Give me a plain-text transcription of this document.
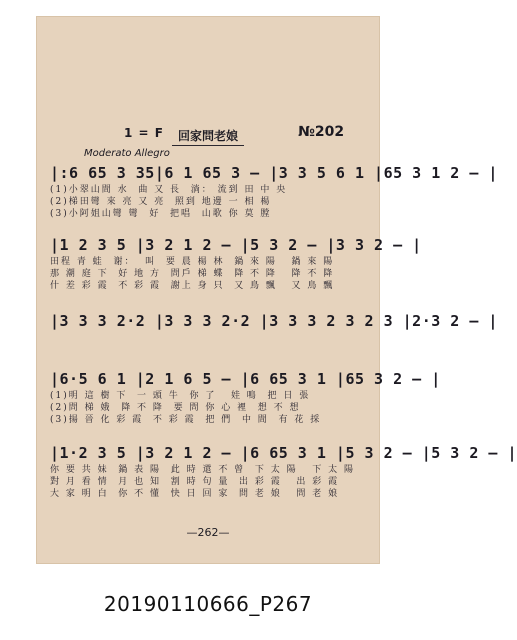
1 = F	回家問老娘	№202
Moderato Allegro
|:6 65 3 35|6 1 65 3 — |3 3 5 6 1 |65 3 1 2 — |
(1)小翠山間 水  曲 又 長  淌： 流到 田 中 央
(2)梯田彎 來 亮 又 亮  照到 地邊 一 相 楊
(3)小阿姐山彎 彎  好  把唱  山歌 你 莫 膛
|1 2 3 5 |3 2 1 2 — |5 3 2 — |3 3 2 — |
田程 青 蛙  谢：  叫  要 晨 楊 林  鍋 來 陽   鍋 來 陽
那 潮 庭 下  好 地 方  問戶 梯 蝶  降 不 降   降 不 降
什 差 彩 霞  不 彩 霞  謝上 身 只  又 鳥 飄   又 鳥 飄
|3 3 3 2·2 |3 3 3 2·2 |3 3 3 2 3 2 3 |2·3 2 — |
|6·5 6 1 |2 1 6 5 — |6 65 3 1 |65 3 2 — |
(1)明 這 樹 下  一 頭 牛  你 了   娃 鳴  把 日 張
(2)問 梯 娥  降 不 降  要 問 你 心 裡  想 不 想
(3)揚 晉 化 彩 霞  不 彩 霞  把 們  中 間  有 花 採
|1·2 3 5 |3 2 1 2 — |6 65 3 1 |5 3 2 — |5 3 2 — |
你 要 共 妹  鍋 表 陽  此 時 還 不 曾  下 太 陽   下 太 陽
對 月 看 情  月 也 知  割 時 句 量  出 彩 霞   出 彩 霞
大 家 明 白  你 不 懂  快 日 回 家  問 老 娘   問 老 娘
—262—
20190110666_P267
